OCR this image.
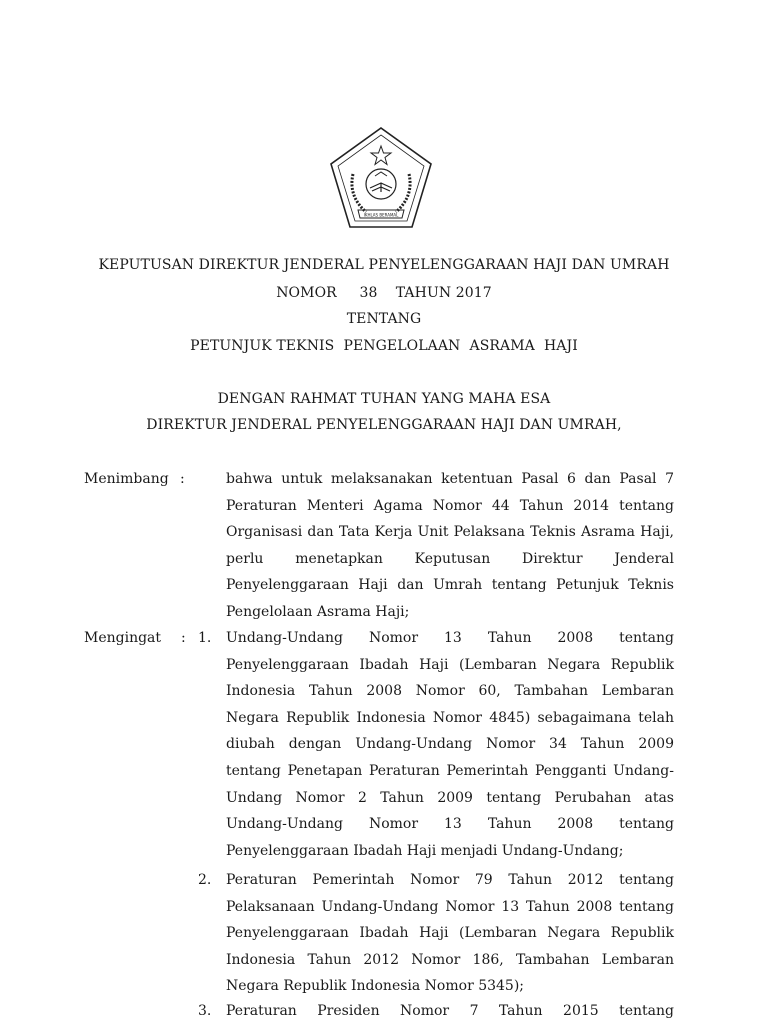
IKHLAS BERAMAL
KEPUTUSAN DIREKTUR JENDERAL PENYELENGGARAAN HAJI DAN UMRAH
NOMOR     38    TAHUN 2017
TENTANG
PETUNJUK TEKNIS  PENGELOLAAN  ASRAMA  HAJI
DENGAN RAHMAT TUHAN YANG MAHA ESA
DIREKTUR JENDERAL PENYELENGGARAAN HAJI DAN UMRAH,
Menimbang :	bahwa untuk melaksanakan ketentuan Pasal 6 dan Pasal 7 Peraturan Menteri Agama Nomor 44 Tahun 2014 tentang Organisasi dan Tata Kerja Unit Pelaksana Teknis Asrama Haji, perlu menetapkan Keputusan Direktur Jenderal Penyelenggaraan Haji dan Umrah tentang Petunjuk Teknis Pengelolaan Asrama Haji;
Mengingat : 1. Undang-Undang Nomor 13 Tahun 2008 tentang Penyelenggaraan Ibadah Haji (Lembaran Negara Republik Indonesia Tahun 2008 Nomor 60, Tambahan Lembaran Negara Republik Indonesia Nomor 4845) sebagaimana telah diubah dengan Undang-Undang Nomor 34 Tahun 2009 tentang Penetapan Peraturan Pemerintah Pengganti Undang-Undang Nomor 2 Tahun 2009 tentang Perubahan atas Undang-Undang Nomor 13 Tahun 2008 tentang Penyelenggaraan Ibadah Haji menjadi Undang-Undang;
2. Peraturan Pemerintah Nomor 79 Tahun 2012 tentang Pelaksanaan Undang-Undang Nomor 13 Tahun 2008 tentang Penyelenggaraan Ibadah Haji (Lembaran Negara Republik Indonesia Tahun 2012 Nomor 186, Tambahan Lembaran Negara Republik Indonesia Nomor 5345);
3. Peraturan Presiden Nomor 7 Tahun 2015 tentang
